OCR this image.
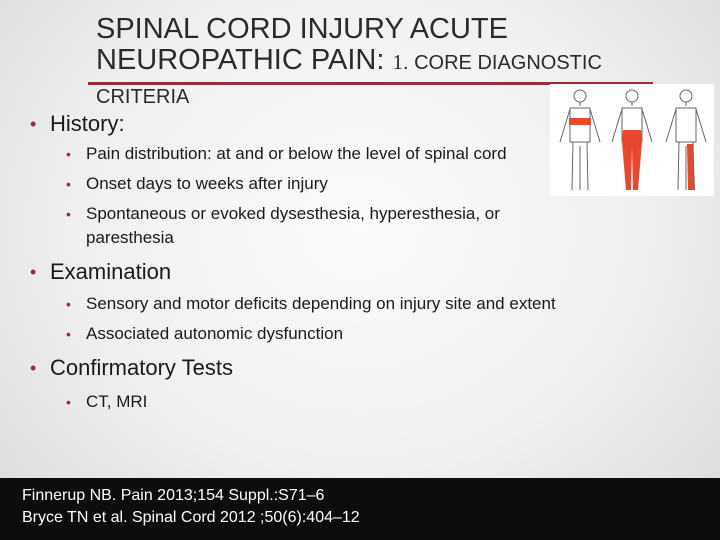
SPINAL CORD INJURY ACUTE NEUROPATHIC PAIN: 1. CORE DIAGNOSTIC CRITERIA

• History:

• Pain distribution: at and or below the level of spinal cord

• Onset days to weeks after injury

• Spontaneous or evoked dysesthesia, hyperesthesia, or paresthesia

• Examination

• Sensory and motor deficits depending on injury site and extent

• Associated autonomic dysfunction

• Confirmatory Tests

• CT, MRI

Finnerup NB. Pain 2013;154 Suppl.:S71–6

Bryce TN et al. Spinal Cord 2012 ;50(6):404–12
